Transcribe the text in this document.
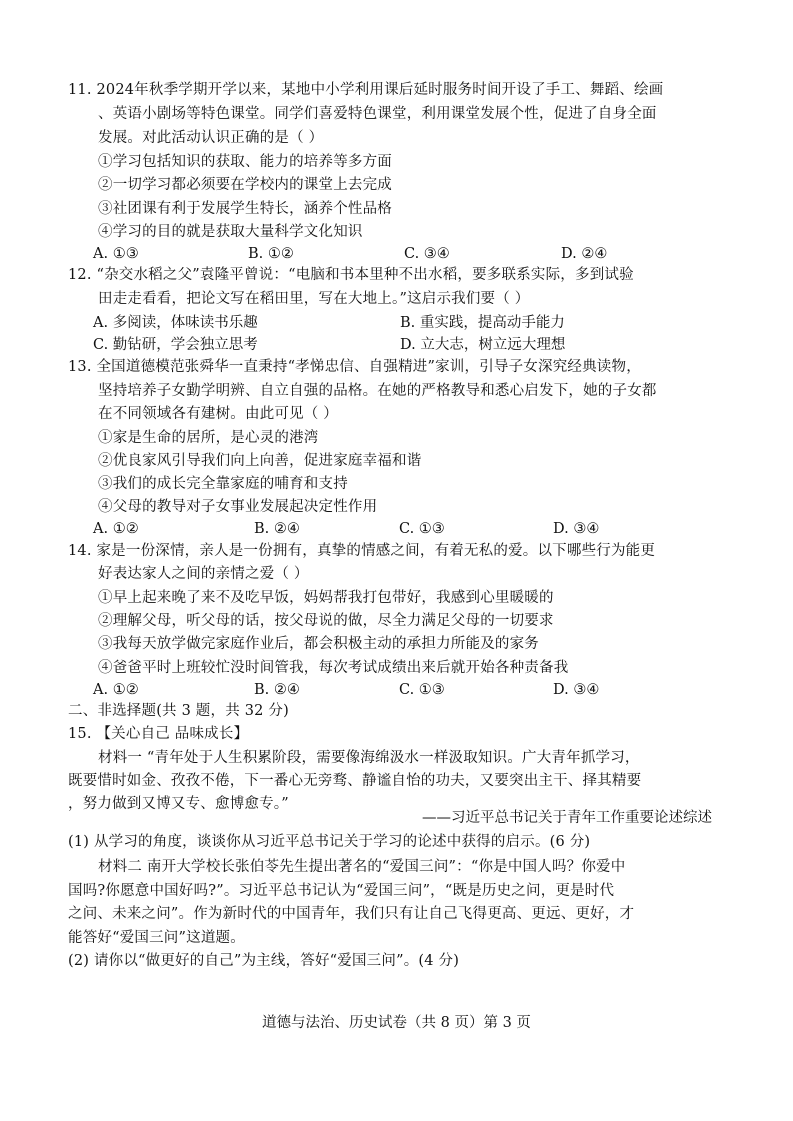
11. 2024年秋季学期开学以来，某地中小学利用课后延时服务时间开设了手工、舞蹈、绘画
、英语小剧场等特色课堂。同学们喜爱特色课堂，利用课堂发展个性，促进了自身全面
发展。对此活动认识正确的是（ ）
①学习包括知识的获取、能力的培养等多方面
②一切学习都必须要在学校内的课堂上去完成
③社团课有利于发展学生特长，涵养个性品格
④学习的目的就是获取大量科学文化知识
A. ①③	B. ①②	C. ③④	D. ②④
12. “杂交水稻之父”袁隆平曾说：“电脑和书本里种不出水稻，要多联系实际，多到试验
田走走看看，把论文写在稻田里，写在大地上。”这启示我们要（ ）
A. 多阅读，体味读书乐趣	B. 重实践，提高动手能力
C. 勤钻研，学会独立思考	D. 立大志，树立远大理想
13. 全国道德模范张舜华一直秉持“孝悌忠信、自强精进”家训，引导子女深究经典读物，
坚持培养子女勤学明辨、自立自强的品格。在她的严格教导和悉心启发下，她的子女都
在不同领域各有建树。由此可见（ ）
①家是生命的居所，是心灵的港湾
②优良家风引导我们向上向善，促进家庭幸福和谐
③我们的成长完全靠家庭的哺育和支持
④父母的教导对子女事业发展起决定性作用
A. ①②	B. ②④	C. ①③	D. ③④
14. 家是一份深情，亲人是一份拥有，真挚的情感之间，有着无私的爱。以下哪些行为能更
好表达家人之间的亲情之爱（ ）
①早上起来晚了来不及吃早饭，妈妈帮我打包带好，我感到心里暖暖的
②理解父母，听父母的话，按父母说的做，尽全力满足父母的一切要求
③我每天放学做完家庭作业后，都会积极主动的承担力所能及的家务
④爸爸平时上班较忙没时间管我，每次考试成绩出来后就开始各种责备我
A. ①②	B. ②④	C. ①③	D. ③④
二、非选择题(共 3 题，共 32 分)
15. 【关心自己 品味成长】
材料一 “青年处于人生积累阶段，需要像海绵汲水一样汲取知识。广大青年抓学习，
既要惜时如金、孜孜不倦，下一番心无旁骛、静谧自怡的功夫，又要突出主干、择其精要
，努力做到又博又专、愈博愈专。”
——习近平总书记关于青年工作重要论述综述
(1) 从学习的角度，谈谈你从习近平总书记关于学习的论述中获得的启示。(6 分)
材料二 南开大学校长张伯苓先生提出著名的“爱国三问”：“你是中国人吗？你爱中
国吗?你愿意中国好吗?”。习近平总书记认为“爱国三问”，“既是历史之问，更是时代
之问、未来之问”。作为新时代的中国青年，我们只有让自己飞得更高、更远、更好，才
能答好“爱国三问”这道题。
(2) 请你以“做更好的自己”为主线，答好“爱国三问”。(4 分)
道德与法治、历史试卷（共 8 页）第 3 页
